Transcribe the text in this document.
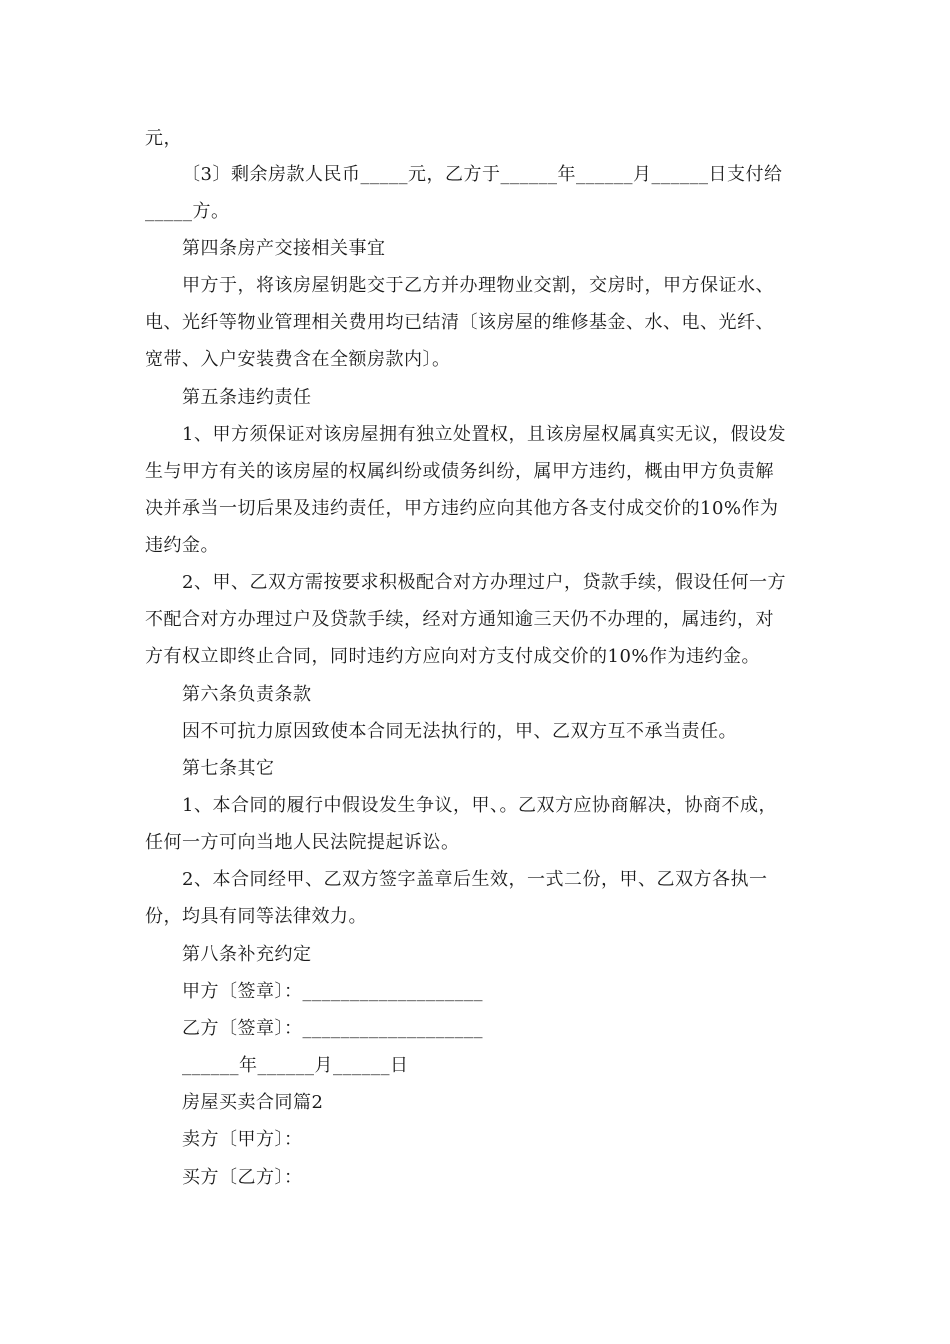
元，
〔3〕剩余房款人民币_____元，乙方于______年______月______日支付给
_____方。
第四条房产交接相关事宜
甲方于，将该房屋钥匙交于乙方并办理物业交割，交房时，甲方保证水、
电、光纤等物业管理相关费用均已结清〔该房屋的维修基金、水、电、光纤、
宽带、入户安装费含在全额房款内〕。
第五条违约责任
1、甲方须保证对该房屋拥有独立处置权，且该房屋权属真实无议，假设发
生与甲方有关的该房屋的权属纠纷或债务纠纷，属甲方违约，概由甲方负责解
决并承当一切后果及违约责任，甲方违约应向其他方各支付成交价的10%作为
违约金。
2、甲、乙双方需按要求积极配合对方办理过户，贷款手续，假设任何一方
不配合对方办理过户及贷款手续，经对方通知逾三天仍不办理的，属违约，对
方有权立即终止合同，同时违约方应向对方支付成交价的10%作为违约金。
第六条负责条款
因不可抗力原因致使本合同无法执行的，甲、乙双方互不承当责任。
第七条其它
1、本合同的履行中假设发生争议，甲、。乙双方应协商解决，协商不成，
任何一方可向当地人民法院提起诉讼。
2、本合同经甲、乙双方签字盖章后生效，一式二份，甲、乙双方各执一
份，均具有同等法律效力。
第八条补充约定
甲方〔签章〕：___________________
乙方〔签章〕：___________________
______年______月______日
房屋买卖合同篇2
卖方〔甲方〕：
买方〔乙方〕：
